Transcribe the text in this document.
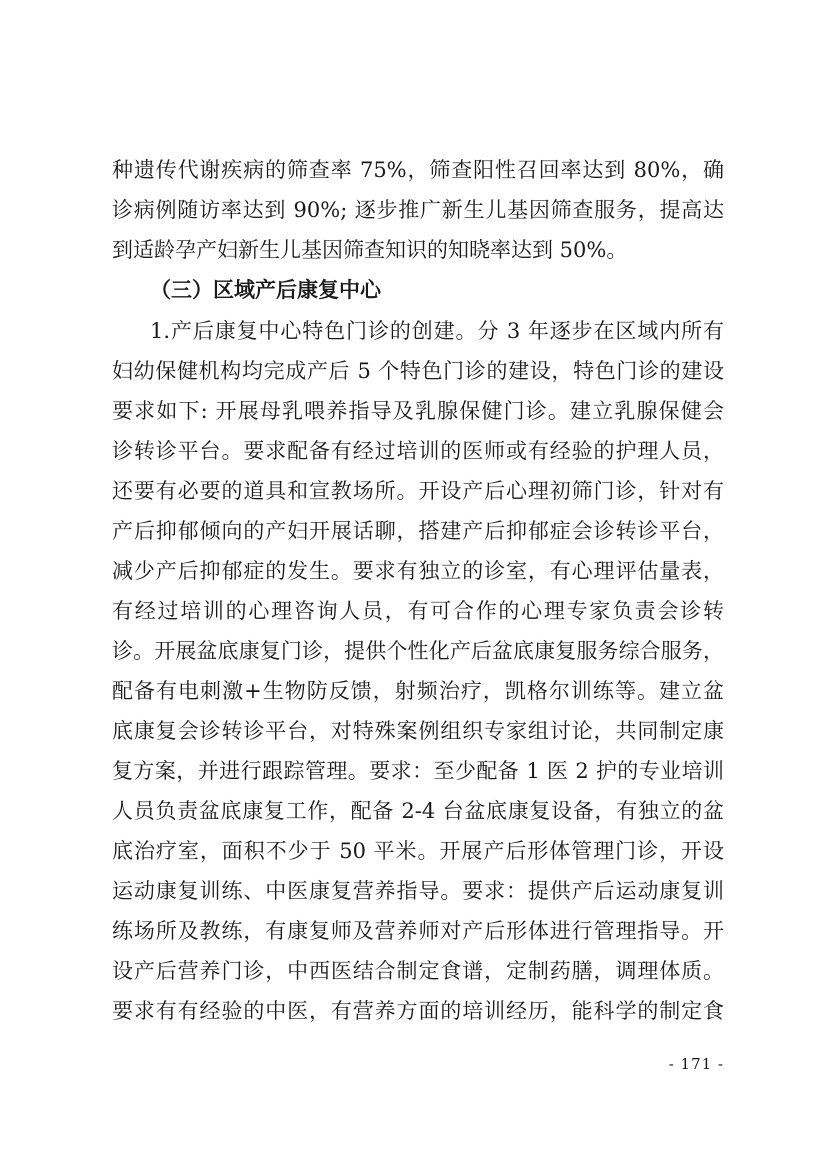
种遗传代谢疾病的筛查率 75%，筛查阳性召回率达到 80%，确
诊病例随访率达到 90%; 逐步推广新生儿基因筛查服务，提高达
到适龄孕产妇新生儿基因筛查知识的知晓率达到 50%。
（三）区域产后康复中心
1.产后康复中心特色门诊的创建。分 3 年逐步在区域内所有
妇幼保健机构均完成产后 5 个特色门诊的建设，特色门诊的建设
要求如下: 开展母乳喂养指导及乳腺保健门诊。建立乳腺保健会
诊转诊平台。要求配备有经过培训的医师或有经验的护理人员，
还要有必要的道具和宣教场所。开设产后心理初筛门诊，针对有
产后抑郁倾向的产妇开展话聊，搭建产后抑郁症会诊转诊平台，
减少产后抑郁症的发生。要求有独立的诊室，有心理评估量表，
有经过培训的心理咨询人员，有可合作的心理专家负责会诊转
诊。开展盆底康复门诊，提供个性化产后盆底康复服务综合服务，
配备有电刺激+生物防反馈，射频治疗，凯格尔训练等。建立盆
底康复会诊转诊平台，对特殊案例组织专家组讨论，共同制定康
复方案，并进行跟踪管理。要求：至少配备 1 医 2 护的专业培训
人员负责盆底康复工作，配备 2-4 台盆底康复设备，有独立的盆
底治疗室，面积不少于 50 平米。开展产后形体管理门诊，开设
运动康复训练、中医康复营养指导。要求：提供产后运动康复训
练场所及教练，有康复师及营养师对产后形体进行管理指导。开
设产后营养门诊，中西医结合制定食谱，定制药膳，调理体质。
要求有有经验的中医，有营养方面的培训经历，能科学的制定食
- 171 -
